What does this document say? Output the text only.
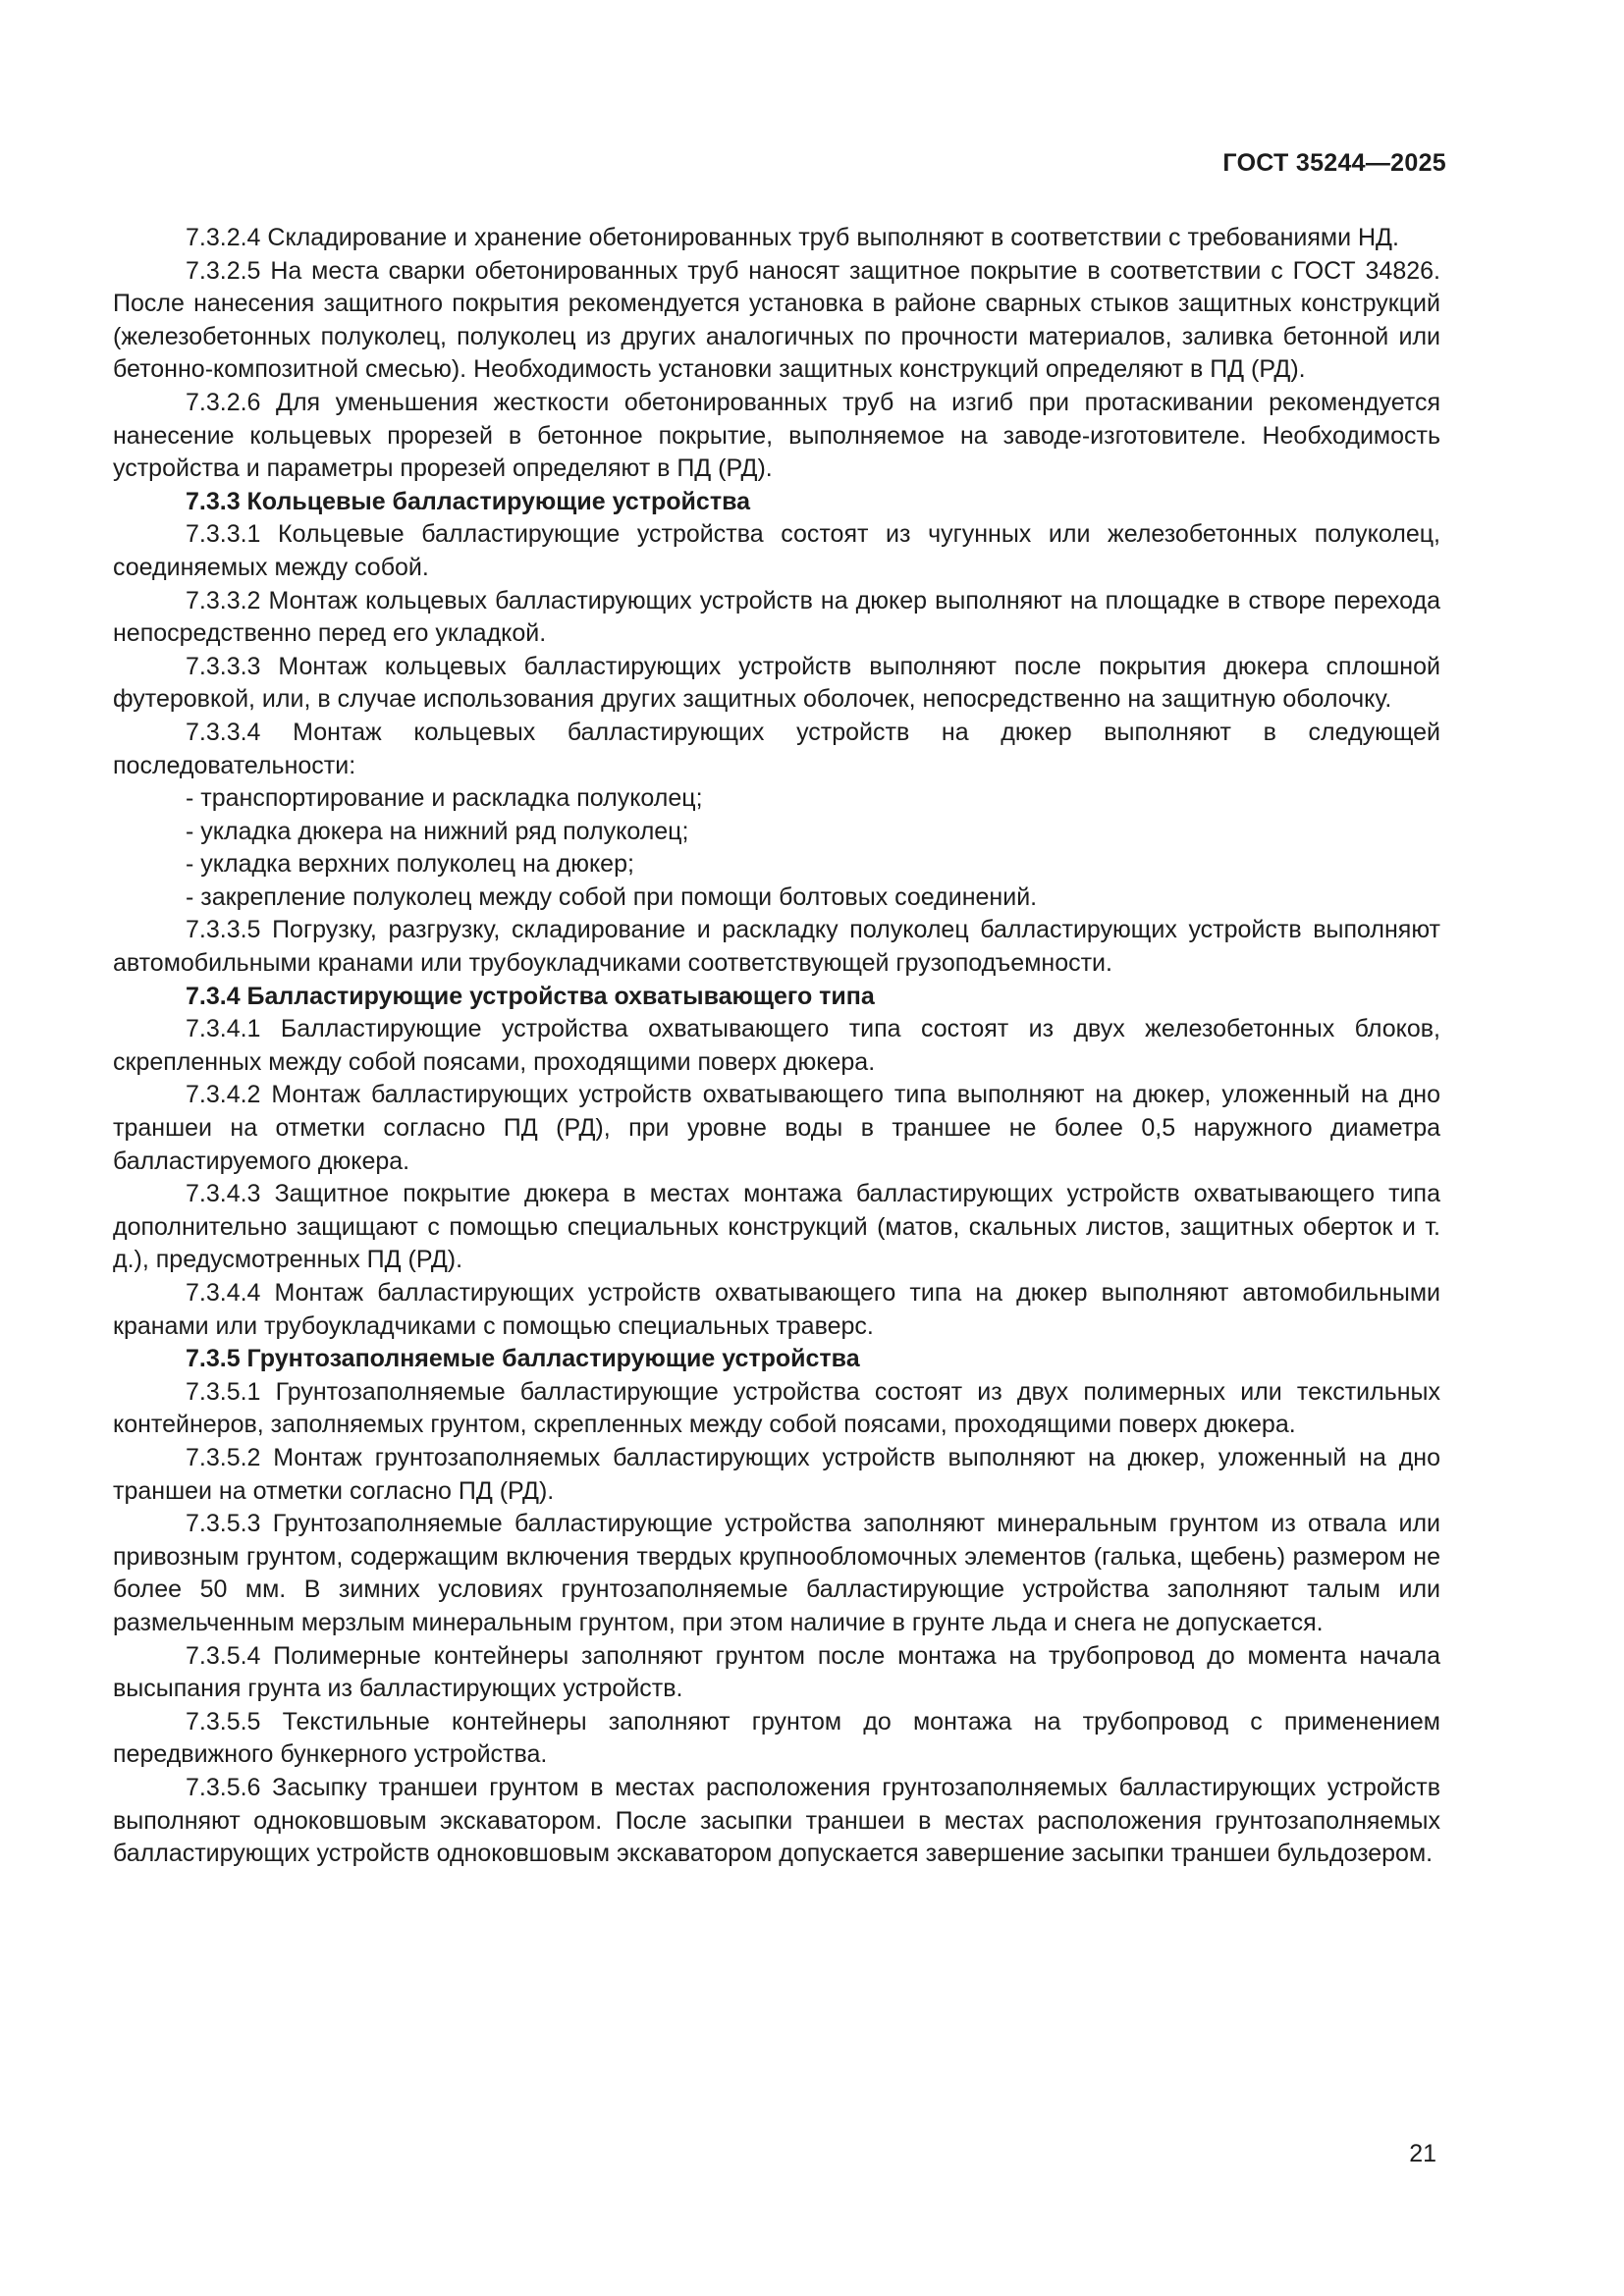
ГОСТ 35244—2025

7.3.2.4 Складирование и хранение обетонированных труб выполняют в соответствии с требованиями НД.

7.3.2.5 На места сварки обетонированных труб наносят защитное покрытие в соответствии с ГОСТ 34826. После нанесения защитного покрытия рекомендуется установка в районе сварных стыков защитных конструкций (железобетонных полуколец, полуколец из других аналогичных по прочности материалов, заливка бетонной или бетонно-композитной смесью). Необходимость установки защитных конструкций определяют в ПД (РД).

7.3.2.6 Для уменьшения жесткости обетонированных труб на изгиб при протаскивании рекомендуется нанесение кольцевых прорезей в бетонное покрытие, выполняемое на заводе-изготовителе. Необходимость устройства и параметры прорезей определяют в ПД (РД).

7.3.3 Кольцевые балластирующие устройства

7.3.3.1 Кольцевые балластирующие устройства состоят из чугунных или железобетонных полуколец, соединяемых между собой.

7.3.3.2 Монтаж кольцевых балластирующих устройств на дюкер выполняют на площадке в створе перехода непосредственно перед его укладкой.

7.3.3.3 Монтаж кольцевых балластирующих устройств выполняют после покрытия дюкера сплошной футеровкой, или, в случае использования других защитных оболочек, непосредственно на защитную оболочку.

7.3.3.4 Монтаж кольцевых балластирующих устройств на дюкер выполняют в следующей последовательности:

- транспортирование и раскладка полуколец;

- укладка дюкера на нижний ряд полуколец;

- укладка верхних полуколец на дюкер;

- закрепление полуколец между собой при помощи болтовых соединений.

7.3.3.5 Погрузку, разгрузку, складирование и раскладку полуколец балластирующих устройств выполняют автомобильными кранами или трубоукладчиками соответствующей грузоподъемности.

7.3.4 Балластирующие устройства охватывающего типа

7.3.4.1 Балластирующие устройства охватывающего типа состоят из двух железобетонных блоков, скрепленных между собой поясами, проходящими поверх дюкера.

7.3.4.2 Монтаж балластирующих устройств охватывающего типа выполняют на дюкер, уложенный на дно траншеи на отметки согласно ПД (РД), при уровне воды в траншее не более 0,5 наружного диаметра балластируемого дюкера.

7.3.4.3 Защитное покрытие дюкера в местах монтажа балластирующих устройств охватывающего типа дополнительно защищают с помощью специальных конструкций (матов, скальных листов, защитных оберток и т. д.), предусмотренных ПД (РД).

7.3.4.4 Монтаж балластирующих устройств охватывающего типа на дюкер выполняют автомобильными кранами или трубоукладчиками с помощью специальных траверс.

7.3.5 Грунтозаполняемые балластирующие устройства

7.3.5.1 Грунтозаполняемые балластирующие устройства состоят из двух полимерных или текстильных контейнеров, заполняемых грунтом, скрепленных между собой поясами, проходящими поверх дюкера.

7.3.5.2 Монтаж грунтозаполняемых балластирующих устройств выполняют на дюкер, уложенный на дно траншеи на отметки согласно ПД (РД).

7.3.5.3 Грунтозаполняемые балластирующие устройства заполняют минеральным грунтом из отвала или привозным грунтом, содержащим включения твердых крупнообломочных элементов (галька, щебень) размером не более 50 мм. В зимних условиях грунтозаполняемые балластирующие устройства заполняют талым или размельченным мерзлым минеральным грунтом, при этом наличие в грунте льда и снега не допускается.

7.3.5.4 Полимерные контейнеры заполняют грунтом после монтажа на трубопровод до момента начала высыпания грунта из балластирующих устройств.

7.3.5.5 Текстильные контейнеры заполняют грунтом до монтажа на трубопровод с применением передвижного бункерного устройства.

7.3.5.6 Засыпку траншеи грунтом в местах расположения грунтозаполняемых балластирующих устройств выполняют одноковшовым экскаватором. После засыпки траншеи в местах расположения грунтозаполняемых балластирующих устройств одноковшовым экскаватором допускается завершение засыпки траншеи бульдозером.

21
